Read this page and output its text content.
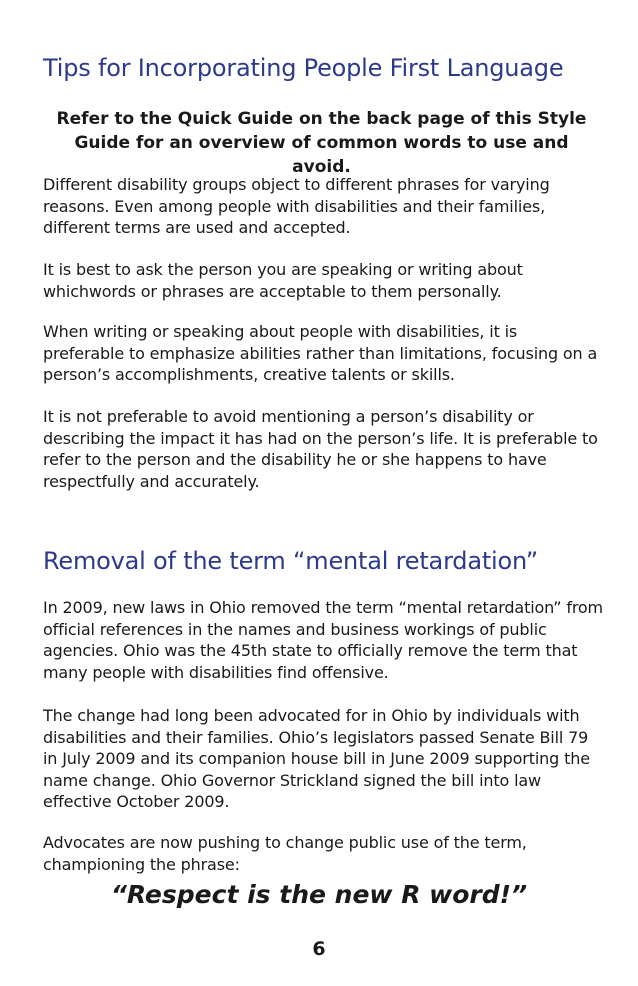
Tips for Incorporating People First Language

Refer to the Quick Guide on the back page of this Style Guide for an overview of common words to use and avoid.

Different disability groups object to different phrases for varying reasons. Even among people with disabilities and their families, different terms are used and accepted.

It is best to ask the person you are speaking or writing about whichwords or phrases are acceptable to them personally.

When writing or speaking about people with disabilities, it is preferable to emphasize abilities rather than limitations, focusing on a person’s accomplishments, creative talents or skills.

It is not preferable to avoid mentioning a person’s disability or describing the impact it has had on the person’s life. It is preferable to refer to the person and the disability he or she happens to have respectfully and accurately.

Removal of the term “mental retardation”

In 2009, new laws in Ohio removed the term “mental retardation” from official references in the names and business workings of public agencies. Ohio was the 45th state to officially remove the term that many people with disabilities find offensive.

The change had long been advocated for in Ohio by individuals with disabilities and their families. Ohio’s legislators passed Senate Bill 79 in July 2009 and its companion house bill in June 2009 supporting the name change. Ohio Governor Strickland signed the bill into law effective October 2009.

Advocates are now pushing to change public use of the term, championing the phrase:

“Respect is the new R word!”

6
